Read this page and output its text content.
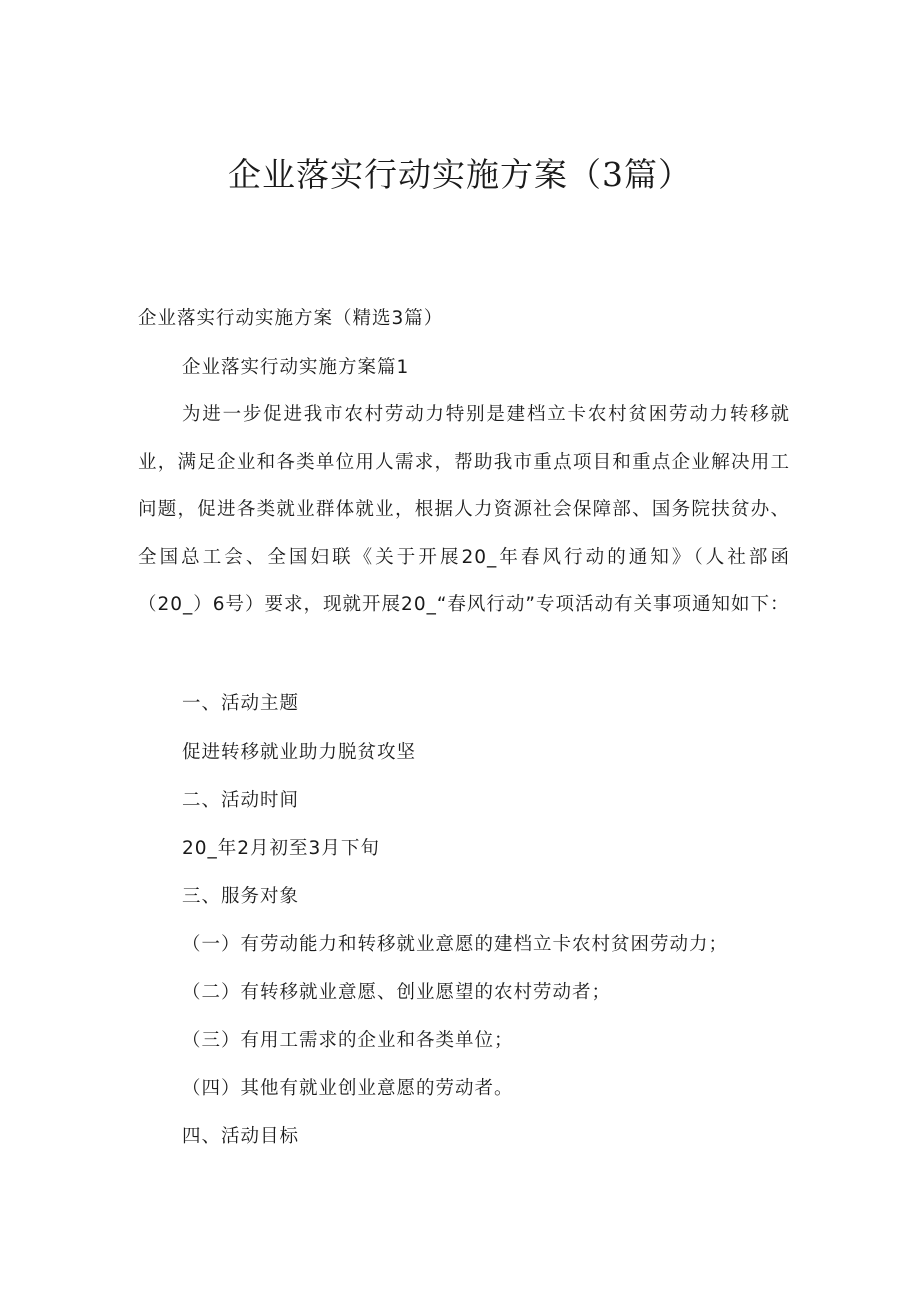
企业落实行动实施方案（3篇）

企业落实行动实施方案（精选3篇）

企业落实行动实施方案篇1

为进一步促进我市农村劳动力特别是建档立卡农村贫困劳动力转移就业，满足企业和各类单位用人需求，帮助我市重点项目和重点企业解决用工问题，促进各类就业群体就业，根据人力资源社会保障部、国务院扶贫办、全国总工会、全国妇联《关于开展20_年春风行动的通知》（人社部函（20_）6号）要求，现就开展20_“春风行动”专项活动有关事项通知如下：

一、活动主题

促进转移就业助力脱贫攻坚

二、活动时间

20_年2月初至3月下旬

三、服务对象

（一）有劳动能力和转移就业意愿的建档立卡农村贫困劳动力；

（二）有转移就业意愿、创业愿望的农村劳动者；

（三）有用工需求的企业和各类单位；

（四）其他有就业创业意愿的劳动者。

四、活动目标
